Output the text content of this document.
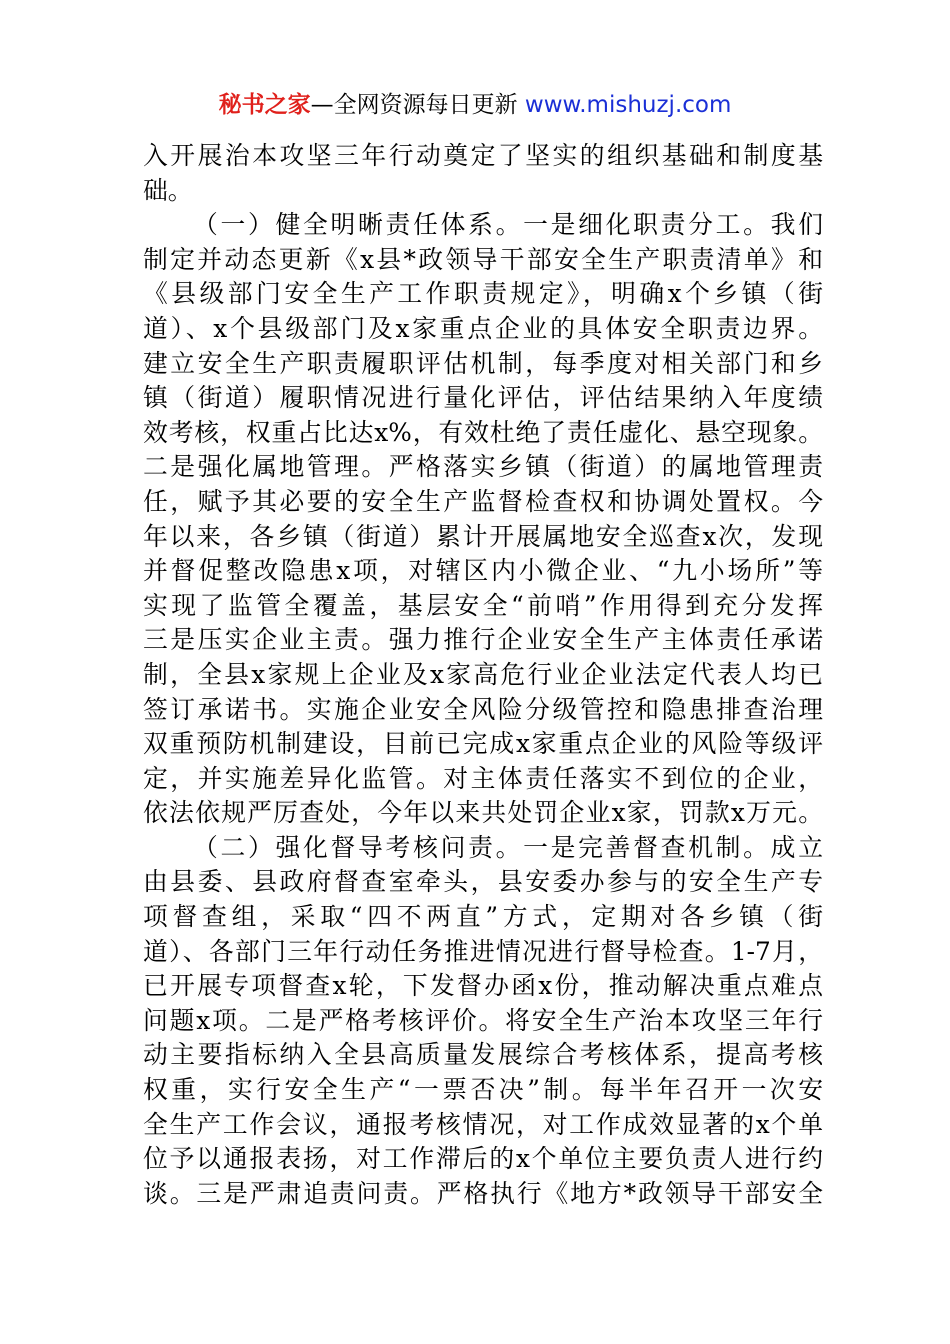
秘书之家—全网资源每日更新 www.mishuzj.com
入开展治本攻坚三年行动奠定了坚实的组织基础和制度基
础。
（一）健全明晰责任体系。一是细化职责分工。我们
制定并动态更新《x县*政领导干部安全生产职责清单》和
《县级部门安全生产工作职责规定》，明确x个乡镇（街
道）、x个县级部门及x家重点企业的具体安全职责边界。
建立安全生产职责履职评估机制，每季度对相关部门和乡
镇（街道）履职情况进行量化评估，评估结果纳入年度绩
效考核，权重占比达x%，有效杜绝了责任虚化、悬空现象。
二是强化属地管理。严格落实乡镇（街道）的属地管理责
任，赋予其必要的安全生产监督检查权和协调处置权。今
年以来，各乡镇（街道）累计开展属地安全巡查x次，发现
并督促整改隐患x项，对辖区内小微企业、“九小场所”等
实现了监管全覆盖，基层安全“前哨”作用得到充分发挥
三是压实企业主责。强力推行企业安全生产主体责任承诺
制，全县x家规上企业及x家高危行业企业法定代表人均已
签订承诺书。实施企业安全风险分级管控和隐患排查治理
双重预防机制建设，目前已完成x家重点企业的风险等级评
定，并实施差异化监管。对主体责任落实不到位的企业，
依法依规严厉查处，今年以来共处罚企业x家，罚款x万元。
（二）强化督导考核问责。一是完善督查机制。成立
由县委、县政府督查室牵头，县安委办参与的安全生产专
项督查组，采取“四不两直”方式，定期对各乡镇（街
道）、各部门三年行动任务推进情况进行督导检查。1-7月，
已开展专项督查x轮，下发督办函x份，推动解决重点难点
问题x项。二是严格考核评价。将安全生产治本攻坚三年行
动主要指标纳入全县高质量发展综合考核体系，提高考核
权重，实行安全生产“一票否决”制。每半年召开一次安
全生产工作会议，通报考核情况，对工作成效显著的x个单
位予以通报表扬，对工作滞后的x个单位主要负责人进行约
谈。三是严肃追责问责。严格执行《地方*政领导干部安全
